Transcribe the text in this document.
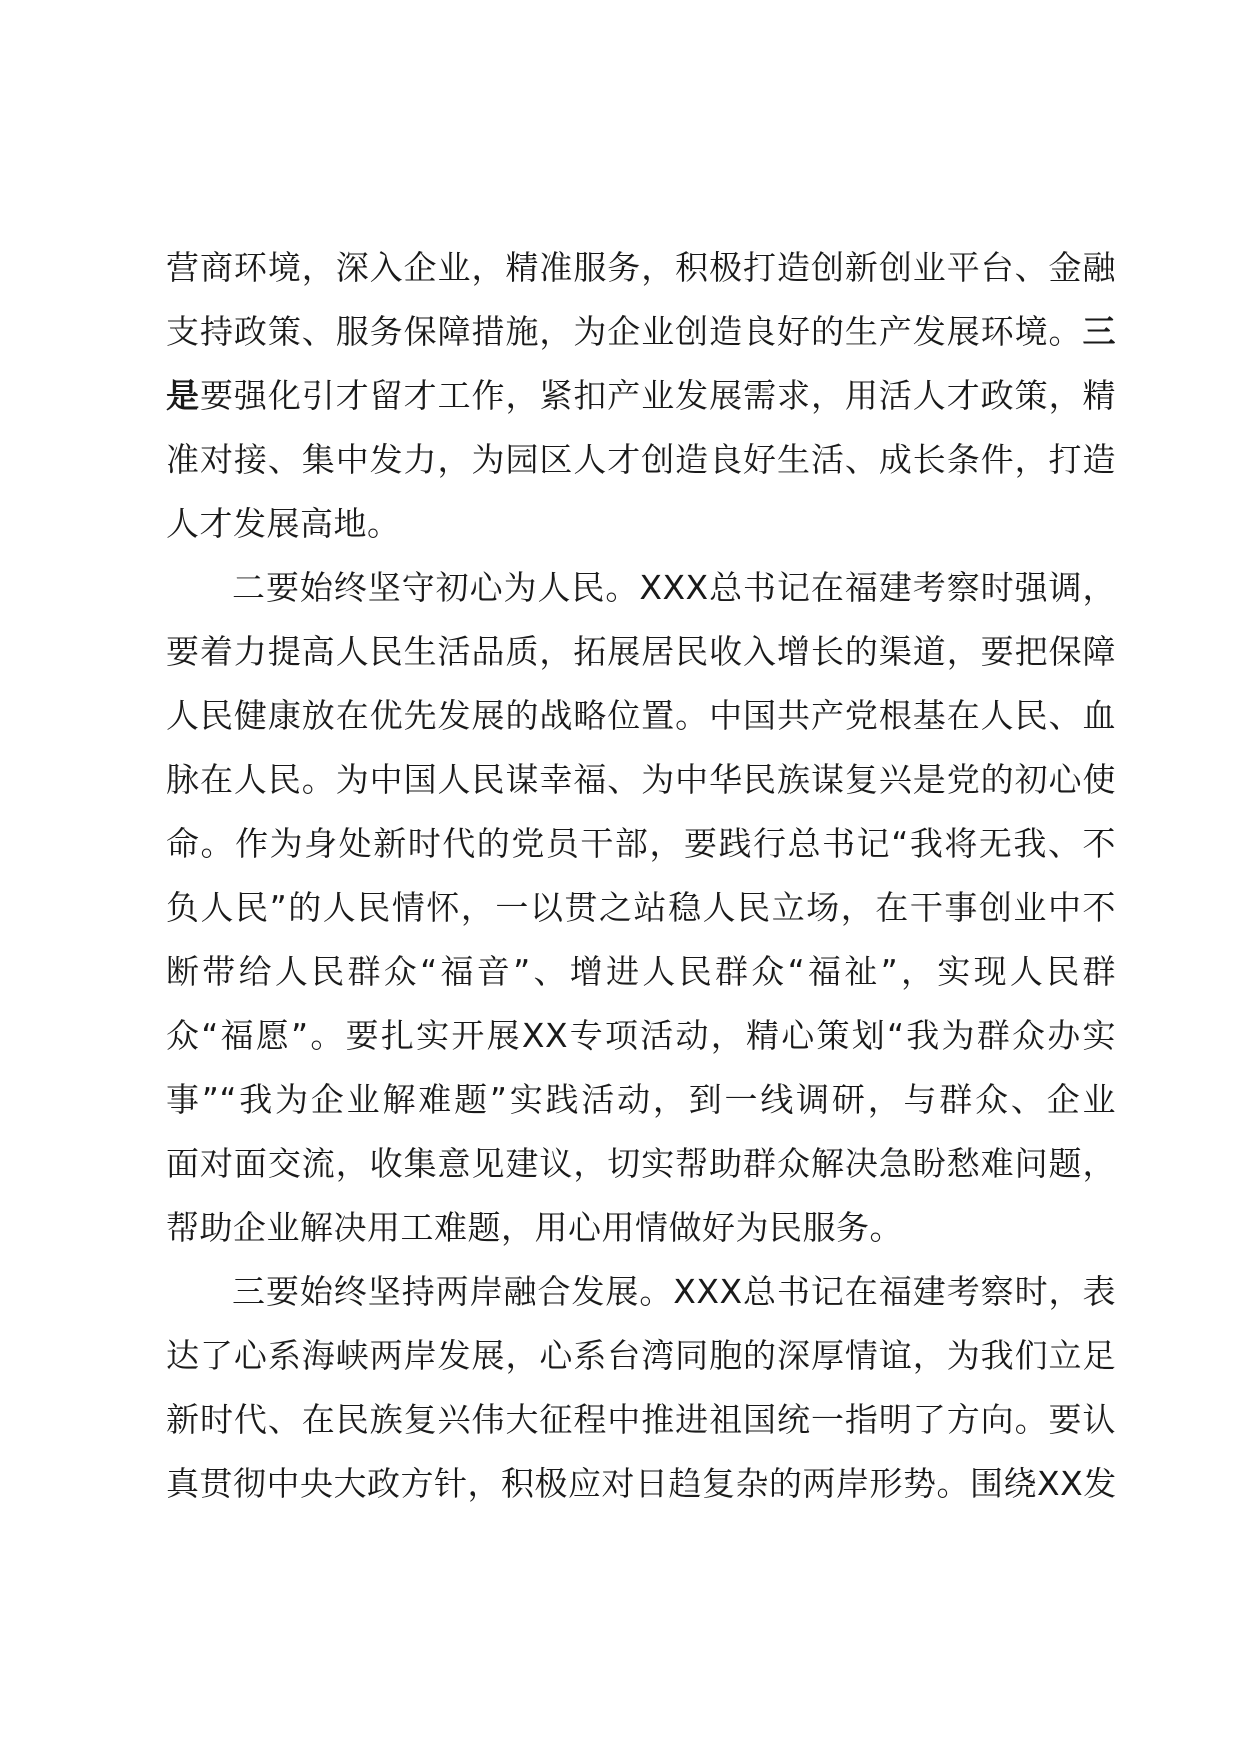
营商环境，深入企业，精准服务，积极打造创新创业平台、金融
支持政策、服务保障措施，为企业创造良好的生产发展环境。三
是要强化引才留才工作，紧扣产业发展需求，用活人才政策，精
准对接、集中发力，为园区人才创造良好生活、成长条件，打造
人才发展高地。
二要始终坚守初心为人民。XXX总书记在福建考察时强调，
要着力提高人民生活品质，拓展居民收入增长的渠道，要把保障
人民健康放在优先发展的战略位置。中国共产党根基在人民、血
脉在人民。为中国人民谋幸福、为中华民族谋复兴是党的初心使
命。作为身处新时代的党员干部，要践行总书记“我将无我、不
负人民”的人民情怀，一以贯之站稳人民立场，在干事创业中不
断带给人民群众“福音”、增进人民群众“福祉”，实现人民群
众“福愿”。要扎实开展XX专项活动，精心策划“我为群众办实
事”“我为企业解难题”实践活动，到一线调研，与群众、企业
面对面交流，收集意见建议，切实帮助群众解决急盼愁难问题，
帮助企业解决用工难题，用心用情做好为民服务。
三要始终坚持两岸融合发展。XXX总书记在福建考察时，表
达了心系海峡两岸发展，心系台湾同胞的深厚情谊，为我们立足
新时代、在民族复兴伟大征程中推进祖国统一指明了方向。要认
真贯彻中央大政方针，积极应对日趋复杂的两岸形势。围绕XX发
